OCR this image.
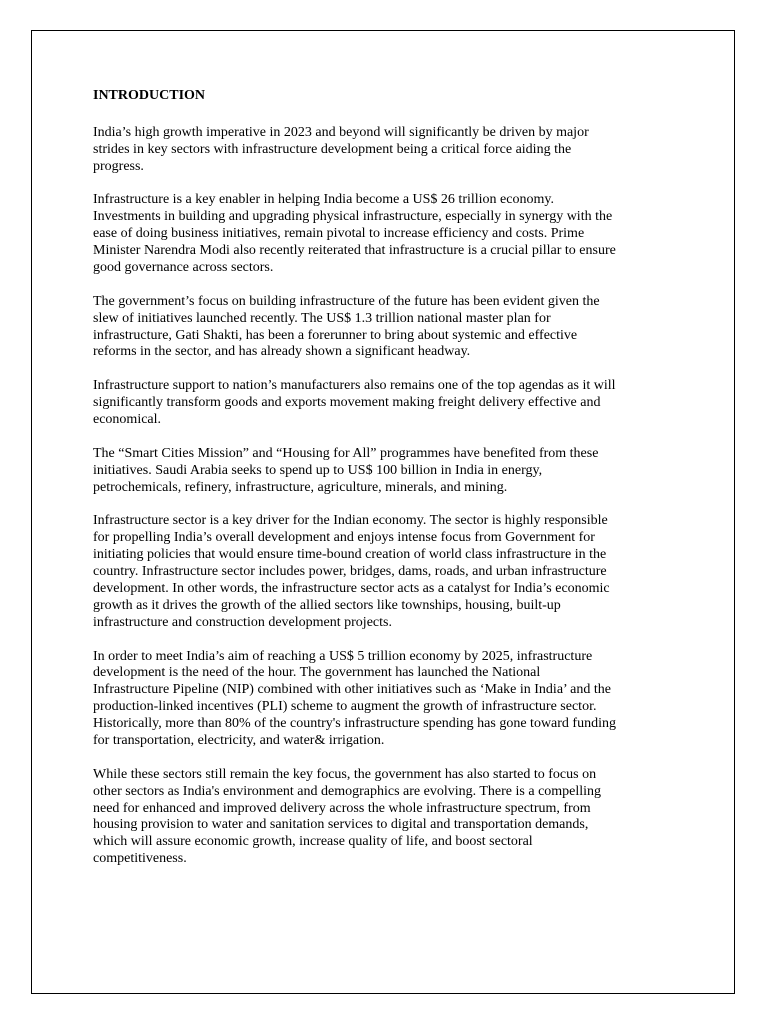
INTRODUCTION
India’s high growth imperative in 2023 and beyond will significantly be driven by major
strides in key sectors with infrastructure development being a critical force aiding the
progress.
Infrastructure is a key enabler in helping India become a US$ 26 trillion economy.
Investments in building and upgrading physical infrastructure, especially in synergy with the
ease of doing business initiatives, remain pivotal to increase efficiency and costs. Prime
Minister Narendra Modi also recently reiterated that infrastructure is a crucial pillar to ensure
good governance across sectors.
The government’s focus on building infrastructure of the future has been evident given the
slew of initiatives launched recently. The US$ 1.3 trillion national master plan for
infrastructure, Gati Shakti, has been a forerunner to bring about systemic and effective
reforms in the sector, and has already shown a significant headway.
Infrastructure support to nation’s manufacturers also remains one of the top agendas as it will
significantly transform goods and exports movement making freight delivery effective and
economical.
The “Smart Cities Mission” and “Housing for All” programmes have benefited from these
initiatives. Saudi Arabia seeks to spend up to US$ 100 billion in India in energy,
petrochemicals, refinery, infrastructure, agriculture, minerals, and mining.
Infrastructure sector is a key driver for the Indian economy. The sector is highly responsible
for propelling India’s overall development and enjoys intense focus from Government for
initiating policies that would ensure time-bound creation of world class infrastructure in the
country. Infrastructure sector includes power, bridges, dams, roads, and urban infrastructure
development. In other words, the infrastructure sector acts as a catalyst for India’s economic
growth as it drives the growth of the allied sectors like townships, housing, built-up
infrastructure and construction development projects.
In order to meet India’s aim of reaching a US$ 5 trillion economy by 2025, infrastructure
development is the need of the hour. The government has launched the National
Infrastructure Pipeline (NIP) combined with other initiatives such as ‘Make in India’ and the
production-linked incentives (PLI) scheme to augment the growth of infrastructure sector.
Historically, more than 80% of the country's infrastructure spending has gone toward funding
for transportation, electricity, and water& irrigation.
While these sectors still remain the key focus, the government has also started to focus on
other sectors as India's environment and demographics are evolving. There is a compelling
need for enhanced and improved delivery across the whole infrastructure spectrum, from
housing provision to water and sanitation services to digital and transportation demands,
which will assure economic growth, increase quality of life, and boost sectoral
competitiveness.
